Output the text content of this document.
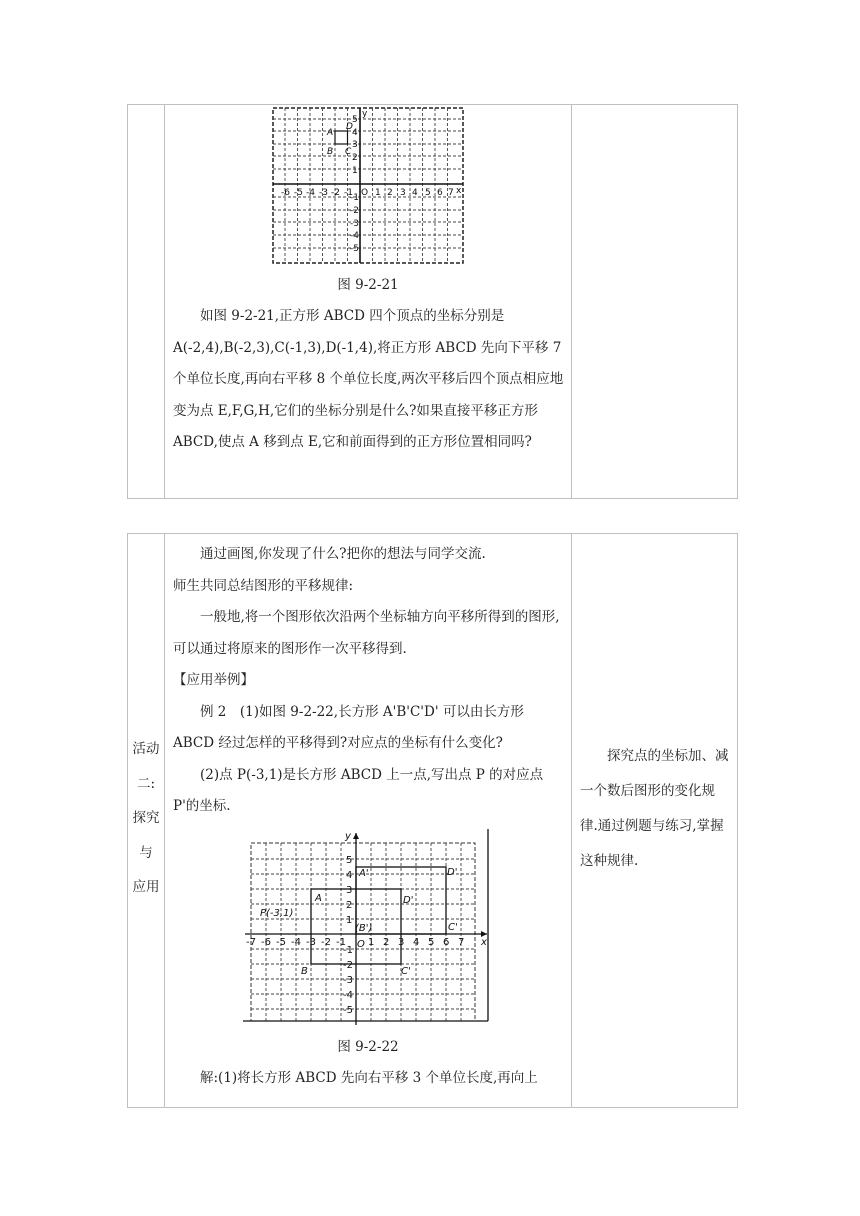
y
x
-6 -5 -4 -3 -2 -1 O 1 2 3 4 5 6 7
5
4
3
2
1
-1
-2
-3
-4
-5
A
D
B C
图 9-2-21
如图 9-2-21,正方形 ABCD 四个顶点的坐标分别是 A(-2,4),B(-2,3),C(-1,3),D(-1,4),将正方形 ABCD 先向下平移 7 个单位长度,再向右平移 8 个单位长度,两次平移后四个顶点相应地变为点 E,F,G,H,它们的坐标分别是什么?如果直接平移正方形 ABCD,使点 A 移到点 E,它和前面得到的正方形位置相同吗?

活动
二:
探究
与
应用

通过画图,你发现了什么?把你的想法与同学交流.
师生共同总结图形的平移规律:
一般地,将一个图形依次沿两个坐标轴方向平移所得到的图形,可以通过将原来的图形作一次平移得到.
【应用举例】
例 2　(1)如图 9-2-22,长方形 A'B'C'D' 可以由长方形 ABCD 经过怎样的平移得到?对应点的坐标有什么变化?
(2)点 P(-3,1)是长方形 ABCD 上一点,写出点 P 的对应点 P'的坐标.
y
x
-7 -6 -5 -4 -3 -2 -1 O 1 2 3 4 5 6 7
5
4
3
2
1
-1
-2
-3
-4
-5
A'	D'
A	D'
P(-3,1)
(B')	C'
B	C'
图 9-2-22
解:(1)将长方形 ABCD 先向右平移 3 个单位长度,再向上

探究点的坐标加、减一个数后图形的变化规律.通过例题与练习,掌握这种规律.
